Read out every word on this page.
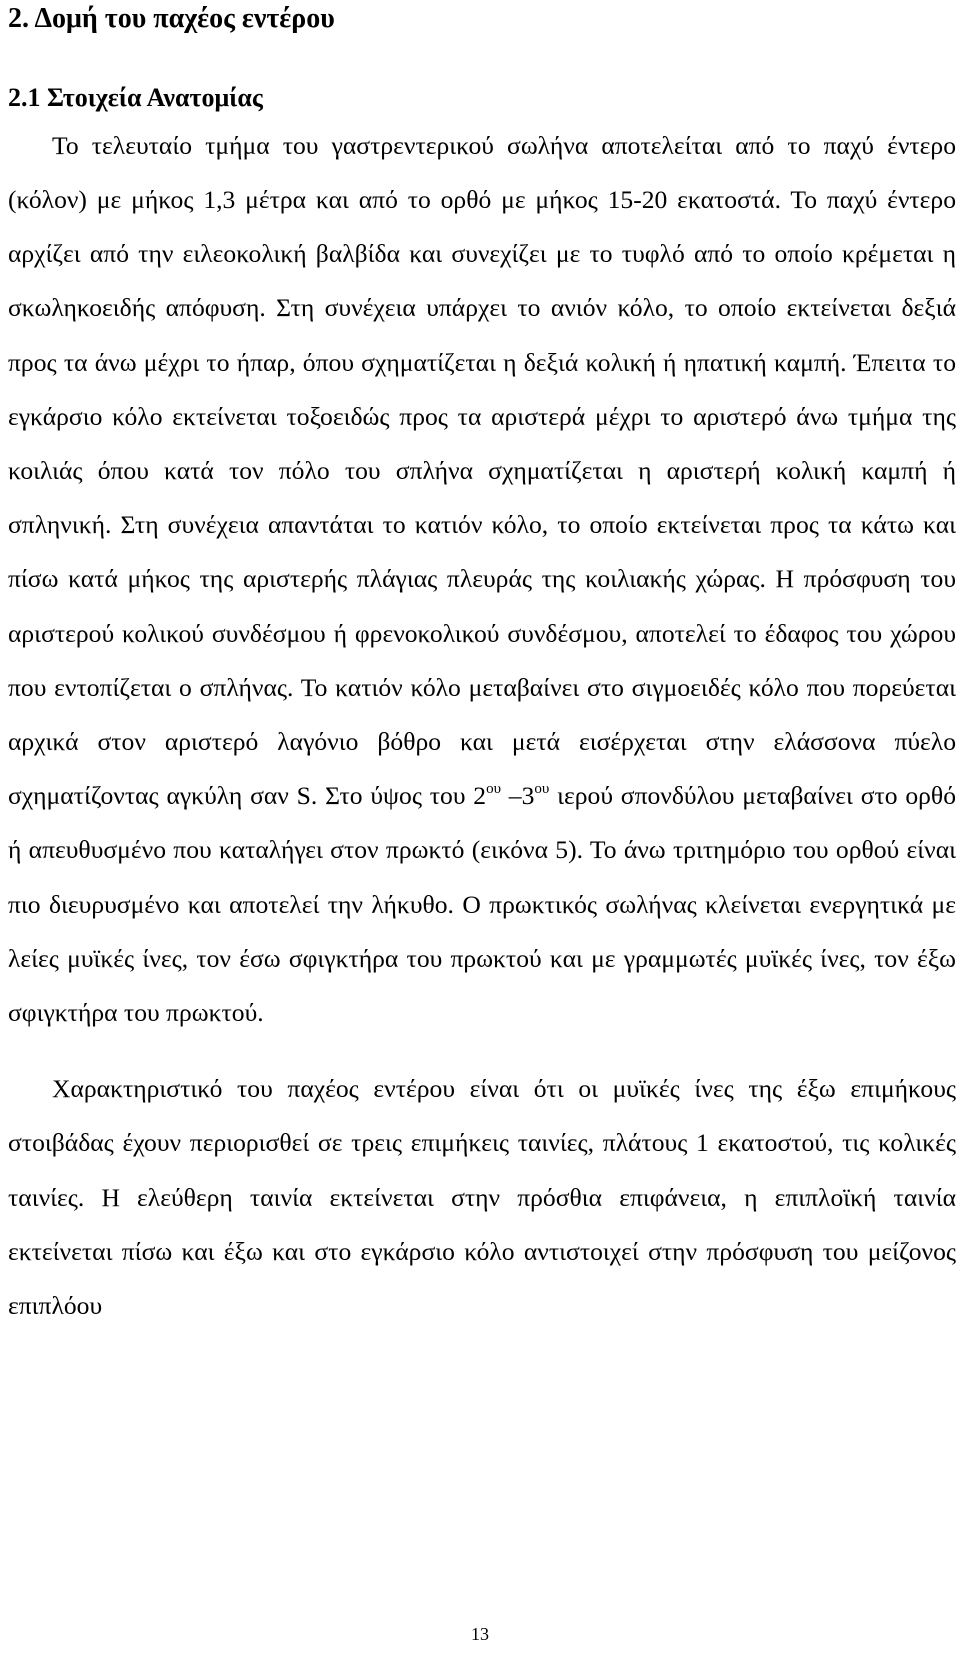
2. Δομή του παχέος εντέρου
2.1 Στοιχεία Ανατομίας

Το τελευταίο τμήμα του γαστρεντερικού σωλήνα αποτελείται από το παχύ έντερο (κόλον) με μήκος 1,3 μέτρα και από το ορθό με μήκος 15-20 εκατοστά. Το παχύ έντερο αρχίζει από την ειλεοκολική βαλβίδα και συνεχίζει με το τυφλό από το οποίο κρέμεται η σκωληκοειδής απόφυση. Στη συνέχεια υπάρχει το ανιόν κόλο, το οποίο εκτείνεται δεξιά προς τα άνω μέχρι το ήπαρ, όπου σχηματίζεται η δεξιά κολική ή ηπατική καμπή. Έπειτα το εγκάρσιο κόλο εκτείνεται τοξοειδώς προς τα αριστερά μέχρι το αριστερό άνω τμήμα της κοιλιάς όπου κατά τον πόλο του σπλήνα σχηματίζεται η αριστερή κολική καμπή ή σπληνική. Στη συνέχεια απαντάται το κατιόν κόλο, το οποίο εκτείνεται προς τα κάτω και πίσω κατά μήκος της αριστερής πλάγιας πλευράς της κοιλιακής χώρας. Η πρόσφυση του αριστερού κολικού συνδέσμου ή φρενοκολικού συνδέσμου, αποτελεί το έδαφος του χώρου που εντοπίζεται ο σπλήνας. Το κατιόν κόλο μεταβαίνει στο σιγμοειδές κόλο που πορεύεται αρχικά στον αριστερό λαγόνιο βόθρο και μετά εισέρχεται στην ελάσσονα πύελο σχηματίζοντας αγκύλη σαν S. Στο ύψος του $2^{o\upsilon}$ $-3^{o\upsilon}$ ιερού σπονδύλου μεταβαίνει στο ορθό ή απευθυσμένο που καταλήγει στον πρωκτό (εικόνα 5). Το άνω τριτημόριο του ορθού είναι πιο διευρυσμένο και αποτελεί την λήκυθο. Ο πρωκτικός σωλήνας κλείνεται ενεργητικά με λείες μυϊκές ίνες, τον έσω σφιγκτήρα του πρωκτού και με γραμμωτές μυϊκές ίνες, τον έξω σφιγκτήρα του πρωκτού.

Χαρακτηριστικό του παχέος εντέρου είναι ότι οι μυϊκές ίνες της έξω επιμήκους στοιβάδας έχουν περιορισθεί σε τρεις επιμήκεις ταινίες, πλάτους 1 εκατοστού, τις κολικές ταινίες. Η ελεύθερη ταινία εκτείνεται στην πρόσθια επιφάνεια, η επιπλοϊκή ταινία εκτείνεται πίσω και έξω και στο εγκάρσιο κόλο αντιστοιχεί στην πρόσφυση του μείζονος επιπλόου

13
